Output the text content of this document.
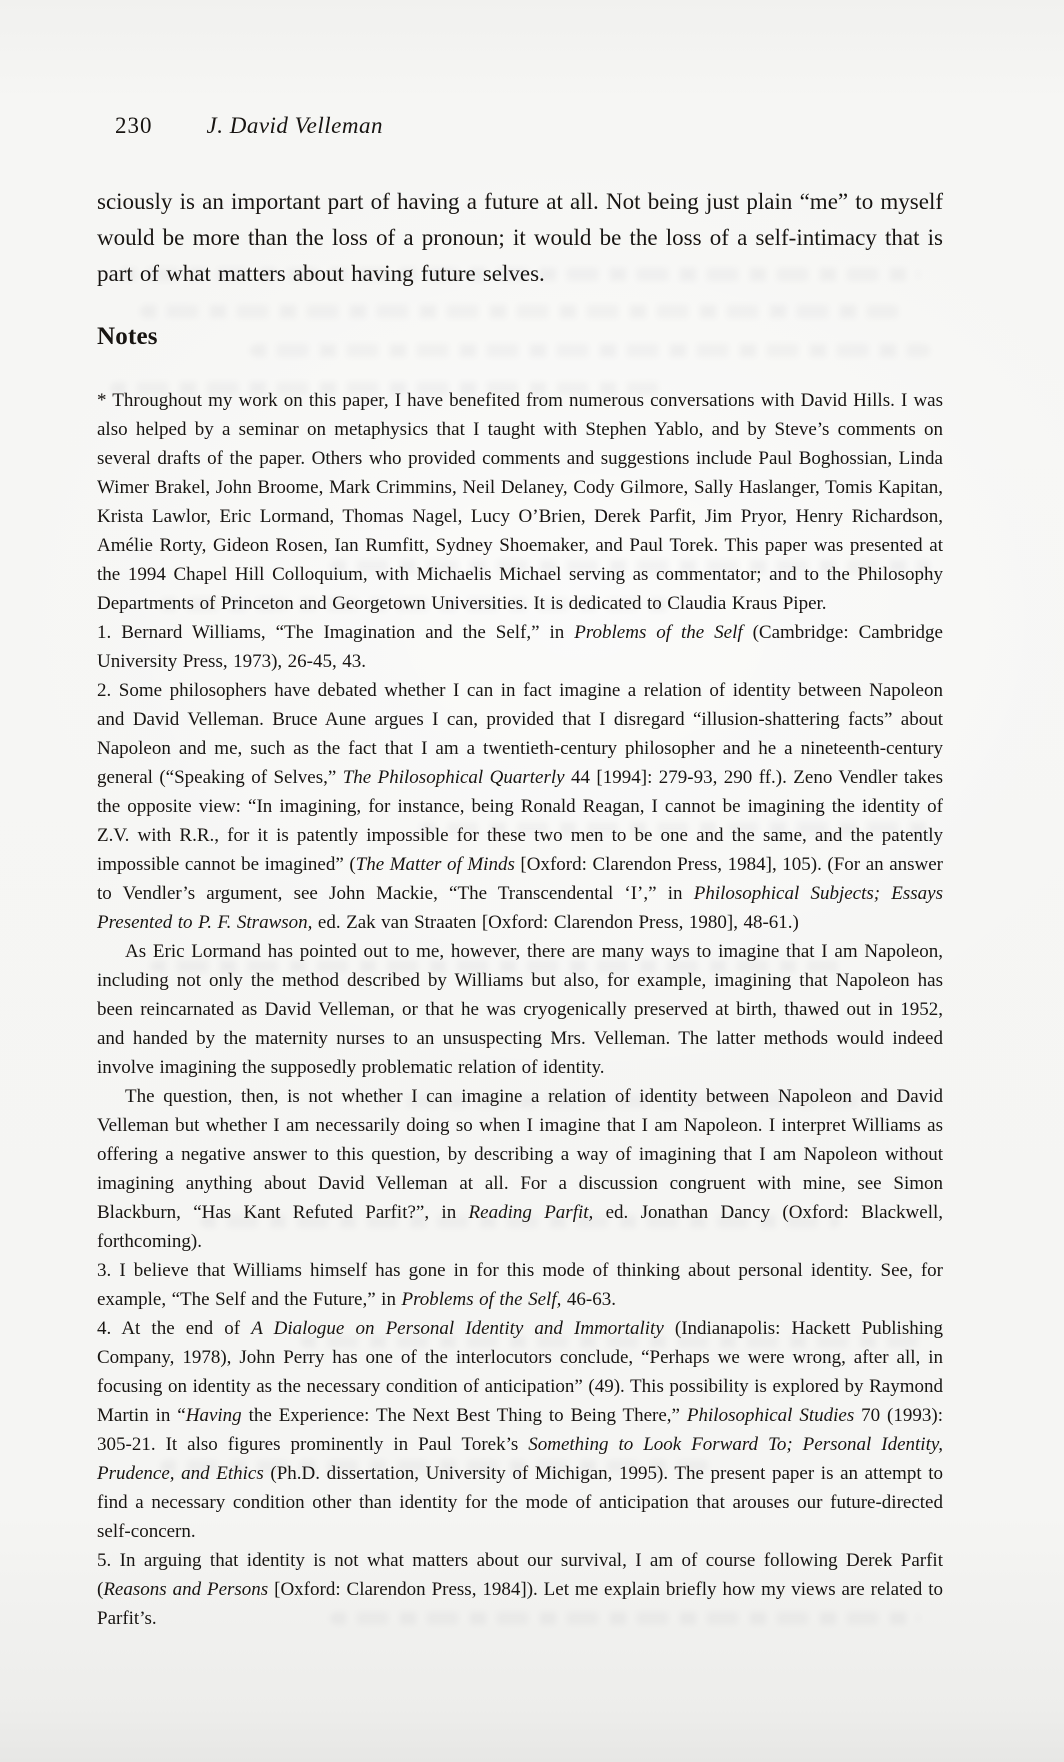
230 J. David Velleman

sciously is an important part of having a future at all. Not being just plain “me” to myself would be more than the loss of a pronoun; it would be the loss of a self-intimacy that is part of what matters about having future selves.

Notes

* Throughout my work on this paper, I have benefited from numerous conversations with David Hills. I was also helped by a seminar on metaphysics that I taught with Stephen Yablo, and by Steve’s comments on several drafts of the paper. Others who provided comments and suggestions include Paul Boghossian, Linda Wimer Brakel, John Broome, Mark Crimmins, Neil Delaney, Cody Gilmore, Sally Haslanger, Tomis Kapitan, Krista Lawlor, Eric Lormand, Thomas Nagel, Lucy O’Brien, Derek Parfit, Jim Pryor, Henry Richardson, Amélie Rorty, Gideon Rosen, Ian Rumfitt, Sydney Shoemaker, and Paul Torek. This paper was presented at the 1994 Chapel Hill Colloquium, with Michaelis Michael serving as commentator; and to the Philosophy Departments of Princeton and Georgetown Universities. It is dedicated to Claudia Kraus Piper.

1. Bernard Williams, “The Imagination and the Self,” in Problems of the Self (Cambridge: Cambridge University Press, 1973), 26-45, 43.

2. Some philosophers have debated whether I can in fact imagine a relation of identity between Napoleon and David Velleman. Bruce Aune argues I can, provided that I disregard “illusion-shattering facts” about Napoleon and me, such as the fact that I am a twentieth-century philosopher and he a nineteenth-century general (“Speaking of Selves,” The Philosophical Quarterly 44 [1994]: 279-93, 290 ff.). Zeno Vendler takes the opposite view: “In imagining, for instance, being Ronald Reagan, I cannot be imagining the identity of Z.V. with R.R., for it is patently impossible for these two men to be one and the same, and the patently impossible cannot be imagined” (The Matter of Minds [Oxford: Clarendon Press, 1984], 105). (For an answer to Vendler’s argument, see John Mackie, “The Transcendental ‘I’,” in Philosophical Subjects; Essays Presented to P. F. Strawson, ed. Zak van Straaten [Oxford: Clarendon Press, 1980], 48-61.)

As Eric Lormand has pointed out to me, however, there are many ways to imagine that I am Napoleon, including not only the method described by Williams but also, for example, imagining that Napoleon has been reincarnated as David Velleman, or that he was cryogenically preserved at birth, thawed out in 1952, and handed by the maternity nurses to an unsuspecting Mrs. Velleman. The latter methods would indeed involve imagining the supposedly problematic relation of identity.

The question, then, is not whether I can imagine a relation of identity between Napoleon and David Velleman but whether I am necessarily doing so when I imagine that I am Napoleon. I interpret Williams as offering a negative answer to this question, by describing a way of imagining that I am Napoleon without imagining anything about David Velleman at all. For a discussion congruent with mine, see Simon Blackburn, “Has Kant Refuted Parfit?”, in Reading Parfit, ed. Jonathan Dancy (Oxford: Blackwell, forthcoming).

3. I believe that Williams himself has gone in for this mode of thinking about personal identity. See, for example, “The Self and the Future,” in Problems of the Self, 46-63.

4. At the end of A Dialogue on Personal Identity and Immortality (Indianapolis: Hackett Publishing Company, 1978), John Perry has one of the interlocutors conclude, “Perhaps we were wrong, after all, in focusing on identity as the necessary condition of anticipation” (49). This possibility is explored by Raymond Martin in “Having the Experience: The Next Best Thing to Being There,” Philosophical Studies 70 (1993): 305-21. It also figures prominently in Paul Torek’s Something to Look Forward To; Personal Identity, Prudence, and Ethics (Ph.D. dissertation, University of Michigan, 1995). The present paper is an attempt to find a necessary condition other than identity for the mode of anticipation that arouses our future-directed self-concern.

5. In arguing that identity is not what matters about our survival, I am of course following Derek Parfit (Reasons and Persons [Oxford: Clarendon Press, 1984]). Let me explain briefly how my views are related to Parfit’s.
